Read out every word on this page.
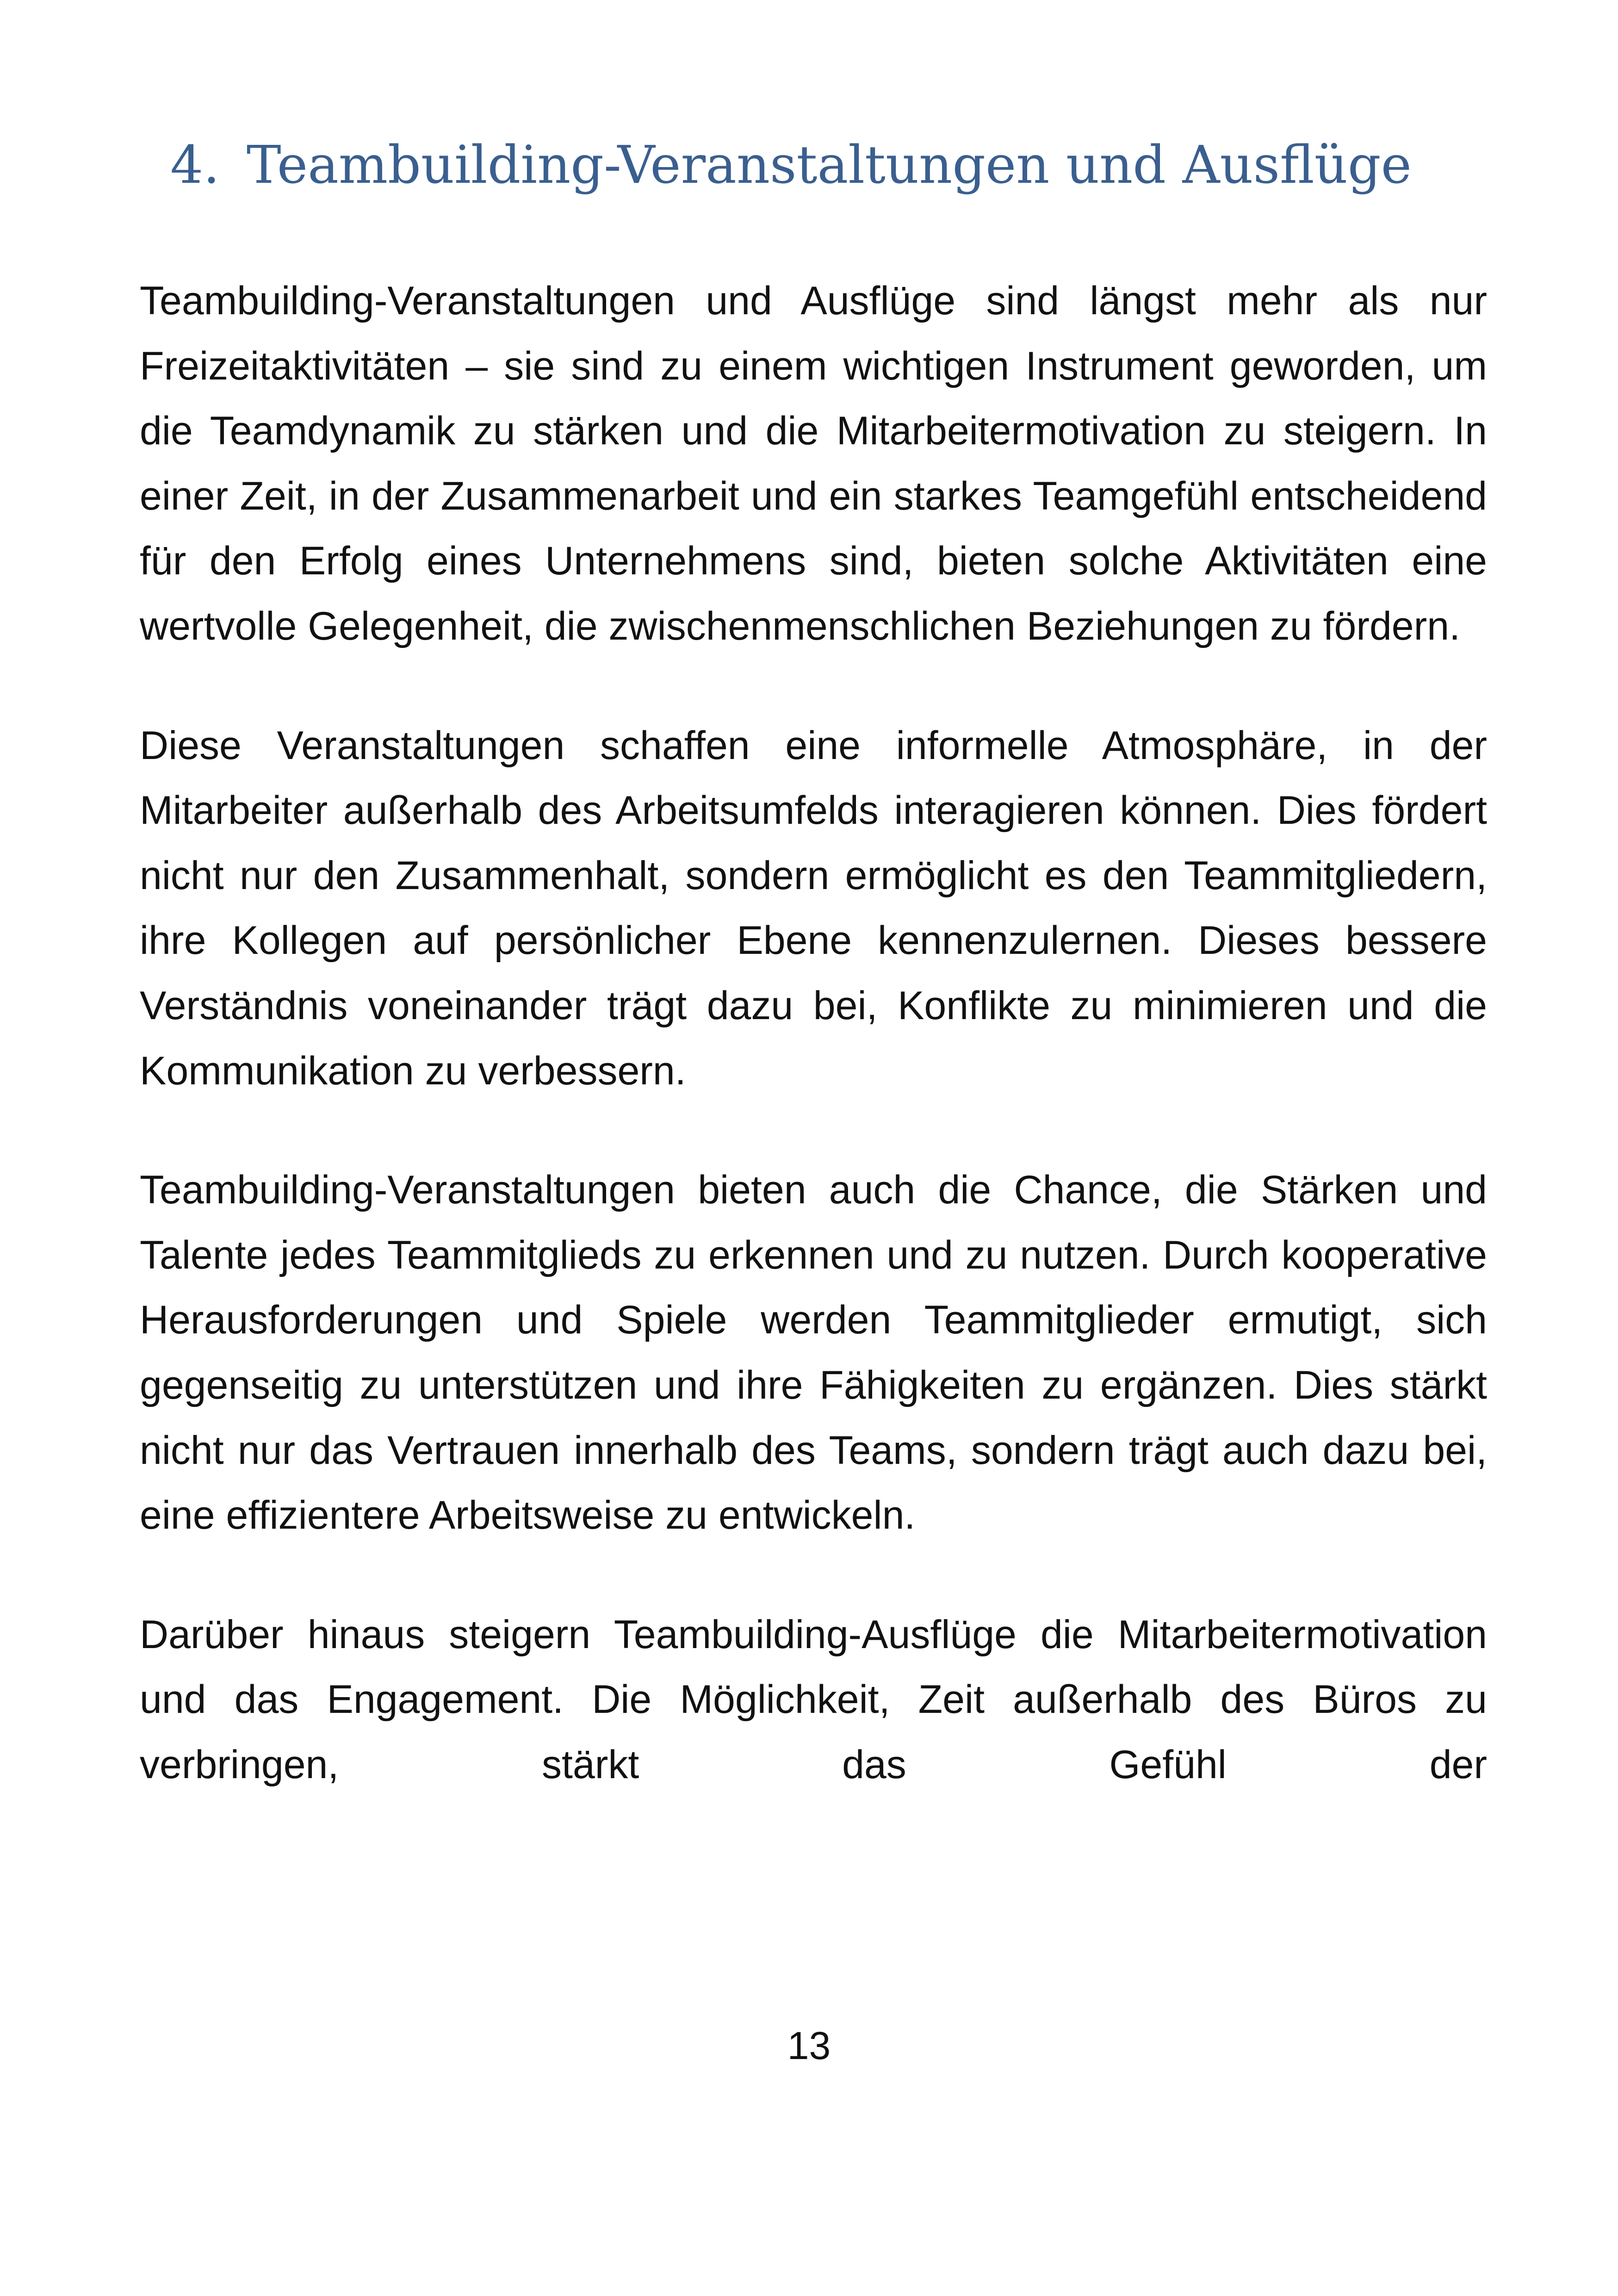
4. Teambuilding-Veranstaltungen und Ausflüge

Teambuilding-Veranstaltungen und Ausflüge sind längst mehr als nur Freizeitaktivitäten – sie sind zu einem wichtigen Instrument geworden, um die Teamdynamik zu stärken und die Mitarbeitermotivation zu steigern. In einer Zeit, in der Zusammenarbeit und ein starkes Teamgefühl entscheidend für den Erfolg eines Unternehmens sind, bieten solche Aktivitäten eine wertvolle Gelegenheit, die zwischenmenschlichen Beziehungen zu fördern.

Diese Veranstaltungen schaffen eine informelle Atmosphäre, in der Mitarbeiter außerhalb des Arbeitsumfelds interagieren können. Dies fördert nicht nur den Zusammenhalt, sondern ermöglicht es den Teammitgliedern, ihre Kollegen auf persönlicher Ebene kennenzulernen. Dieses bessere Verständnis voneinander trägt dazu bei, Konflikte zu minimieren und die Kommunikation zu verbessern.

Teambuilding-Veranstaltungen bieten auch die Chance, die Stärken und Talente jedes Teammitglieds zu erkennen und zu nutzen. Durch kooperative Herausforderungen und Spiele werden Teammitglieder ermutigt, sich gegenseitig zu unterstützen und ihre Fähigkeiten zu ergänzen. Dies stärkt nicht nur das Vertrauen innerhalb des Teams, sondern trägt auch dazu bei, eine effizientere Arbeitsweise zu entwickeln.

Darüber hinaus steigern Teambuilding-Ausflüge die Mitarbeitermotivation und das Engagement. Die Möglichkeit, Zeit außerhalb des Büros zu verbringen, stärkt das Gefühl der

13
